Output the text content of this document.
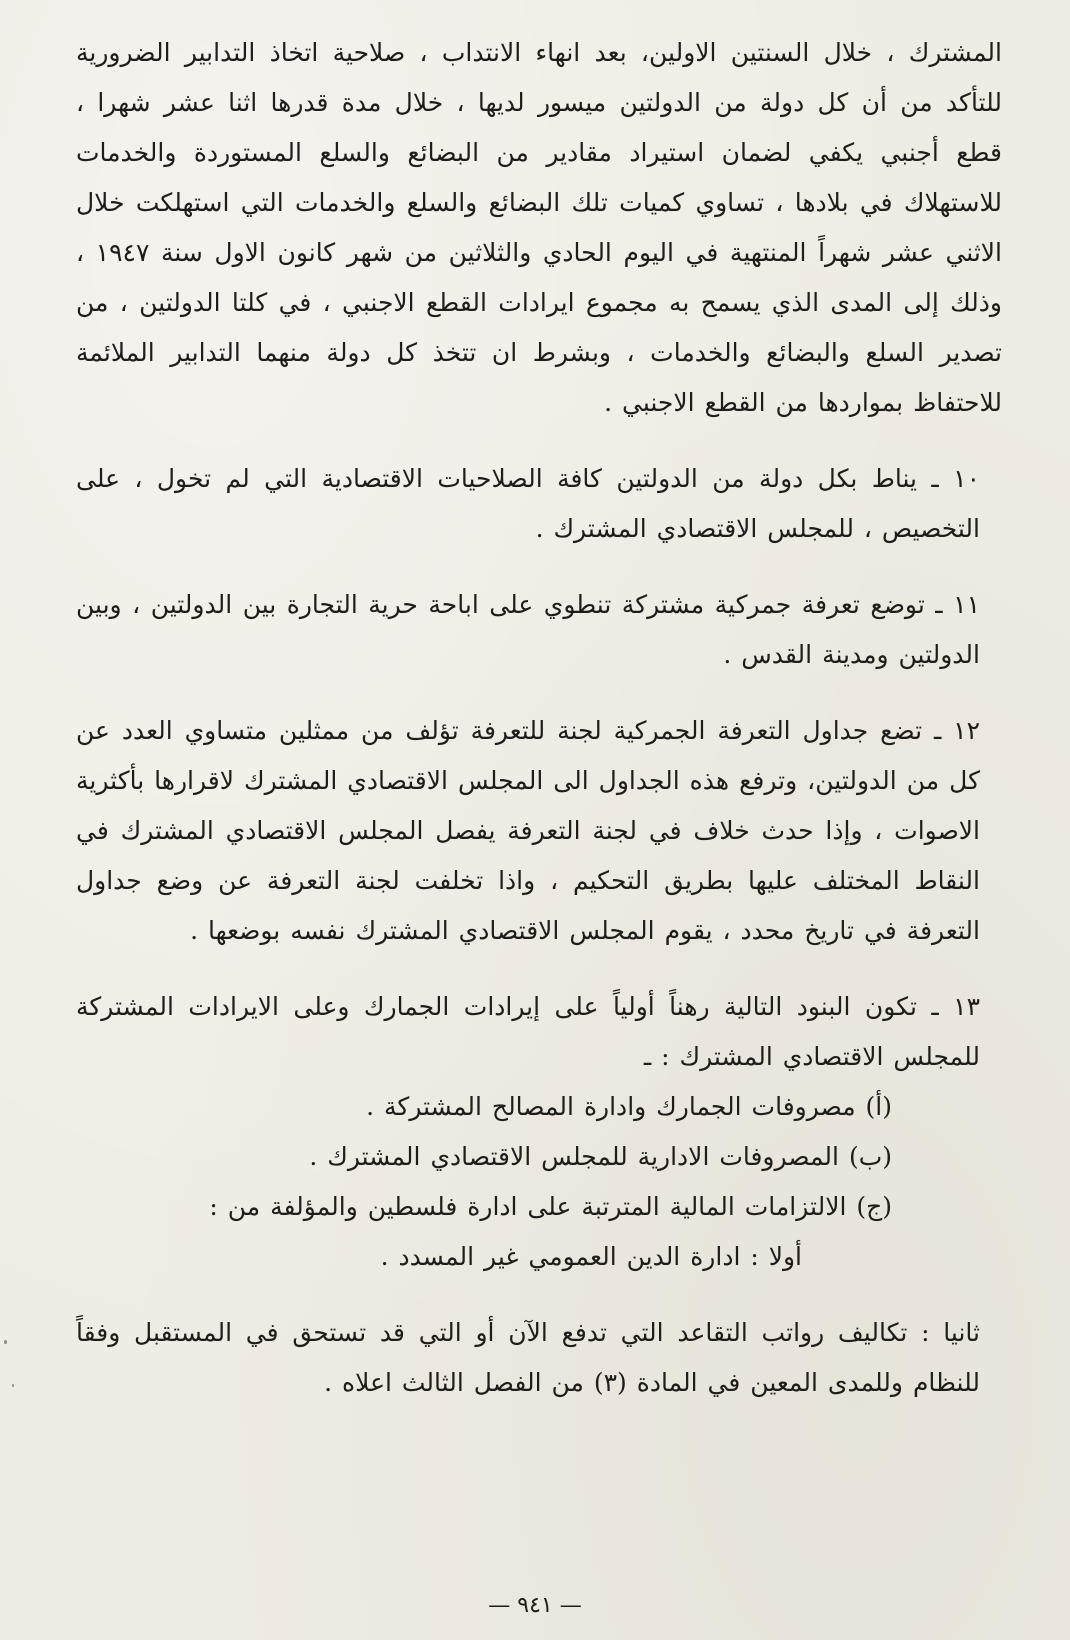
المشترك ، خلال السنتين الاولين، بعد انهاء الانتداب ، صلاحية اتخاذ التدابير الضرورية للتأكد من أن كل دولة من الدولتين ميسور لديها ، خلال مدة قدرها اثنا عشر شهرا ، قطع أجنبي يكفي لضمان استيراد مقادير من البضائع والسلع المستوردة والخدمات للاستهلاك في بلادها ، تساوي كميات تلك البضائع والسلع والخدمات التي استهلكت خلال الاثني عشر شهراً المنتهية في اليوم الحادي والثلاثين من شهر كانون الاول سنة ١٩٤٧ ، وذلك إلى المدى الذي يسمح به مجموع ايرادات القطع الاجنبي ، في كلتا الدولتين ، من تصدير السلع والبضائع والخدمات ، وبشرط ان تتخذ كل دولة منهما التدابير الملائمة للاحتفاظ بمواردها من القطع الاجنبي .

١٠ ـ يناط بكل دولة من الدولتين كافة الصلاحيات الاقتصادية التي لم تخول ، على التخصيص ، للمجلس الاقتصادي المشترك .

١١ ـ توضع تعرفة جمركية مشتركة تنطوي على اباحة حرية التجارة بين الدولتين ، وبين الدولتين ومدينة القدس .

١٢ ـ تضع جداول التعرفة الجمركية لجنة للتعرفة تؤلف من ممثلين متساوي العدد عن كل من الدولتين، وترفع هذه الجداول الى المجلس الاقتصادي المشترك لاقرارها بأكثرية الاصوات ، وإذا حدث خلاف في لجنة التعرفة يفصل المجلس الاقتصادي المشترك في النقاط المختلف عليها بطريق التحكيم ، واذا تخلفت لجنة التعرفة عن وضع جداول التعرفة في تاريخ محدد ، يقوم المجلس الاقتصادي المشترك نفسه بوضعها .

١٣ ـ تكون البنود التالية رهناً أولياً على إيرادات الجمارك وعلى الايرادات المشتركة للمجلس الاقتصادي المشترك : ـ

(أ) مصروفات الجمارك وادارة المصالح المشتركة .

(ب) المصروفات الادارية للمجلس الاقتصادي المشترك .

(ج) الالتزامات المالية المترتبة على ادارة فلسطين والمؤلفة من :

أولا : ادارة الدين العمومي غير المسدد .

ثانيا : تكاليف رواتب التقاعد التي تدفع الآن أو التي قد تستحق في المستقبل وفقاً للنظام وللمدى المعين في المادة (٣) من الفصل الثالث اعلاه .

— ٩٤١ —
